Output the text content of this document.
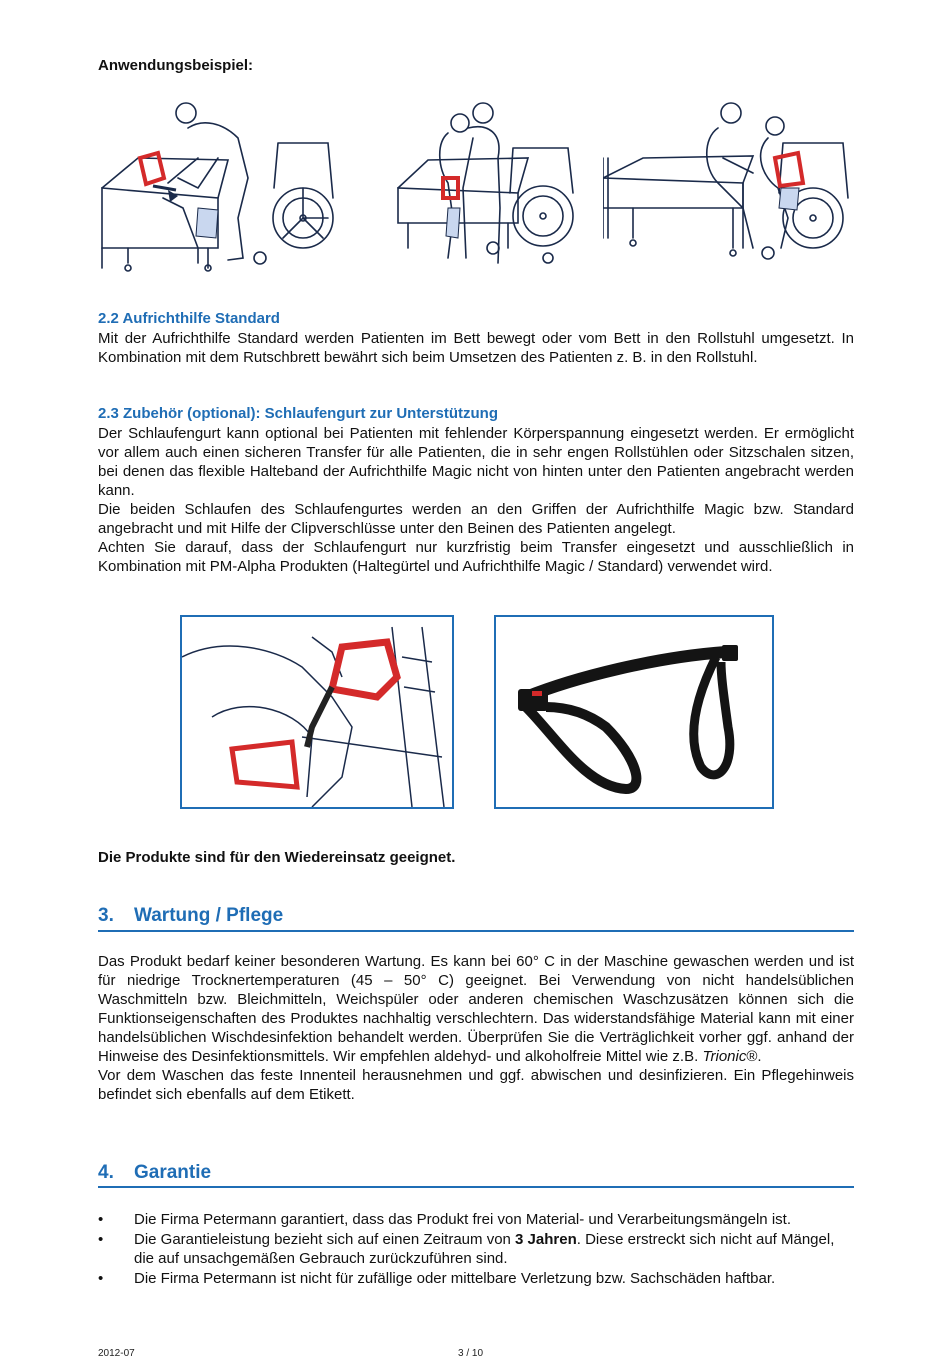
Anwendungsbeispiel:
2.2 Aufrichthilfe Standard

Mit der Aufrichthilfe Standard werden Patienten im Bett bewegt oder vom Bett in den Rollstuhl umgesetzt. In Kombination mit dem Rutschbrett bewährt sich beim Umsetzen des Patienten z. B. in den Rollstuhl.

2.3 Zubehör (optional): Schlaufengurt zur Unterstützung

Der Schlaufengurt kann optional bei Patienten mit fehlender Körperspannung eingesetzt werden. Er ermöglicht vor allem auch einen sicheren Transfer für alle Patienten, die in sehr engen Rollstühlen oder Sitzschalen sitzen, bei denen das flexible Halteband der Aufrichthilfe Magic nicht von hinten unter den Patienten angebracht werden kann.

Die beiden Schlaufen des Schlaufengurtes werden an den Griffen der Aufrichthilfe Magic bzw. Standard angebracht und mit Hilfe der Clipverschlüsse unter den Beinen des Patienten angelegt.

Achten Sie darauf, dass der Schlaufengurt nur kurzfristig beim Transfer eingesetzt und ausschließlich in Kombination mit PM-Alpha Produkten (Haltegürtel und Aufrichthilfe Magic / Standard) verwendet wird.

Die Produkte sind für den Wiedereinsatz geeignet.
3. Wartung / Pflege

Das Produkt bedarf keiner besonderen Wartung. Es kann bei 60° C in der Maschine gewaschen werden und ist für niedrige Trocknertemperaturen (45 – 50° C) geeignet. Bei Verwendung von nicht handelsüblichen Waschmitteln bzw. Bleichmitteln, Weichspüler oder anderen chemischen Waschzusätzen können sich die Funktionseigenschaften des Produktes nachhaltig verschlechtern. Das widerstandsfähige Material kann mit einer handelsüblichen Wischdesinfektion behandelt werden. Überprüfen Sie die Verträglichkeit vorher ggf. anhand der Hinweise des Desinfektionsmittels. Wir empfehlen aldehyd- und alkoholfreie Mittel wie z.B. Trionic®.

Vor dem Waschen das feste Innenteil herausnehmen und ggf. abwischen und desinfizieren. Ein Pflegehinweis befindet sich ebenfalls auf dem Etikett.

4. Garantie
• Die Firma Petermann garantiert, dass das Produkt frei von Material- und Verarbeitungsmängeln ist.
• Die Garantieleistung bezieht sich auf einen Zeitraum von 3 Jahren. Diese erstreckt sich nicht auf Mängel, die auf unsachgemäßen Gebrauch zurückzuführen sind.
• Die Firma Petermann ist nicht für zufällige oder mittelbare Verletzung bzw. Sachschäden haftbar.
2012-07	3 / 10
